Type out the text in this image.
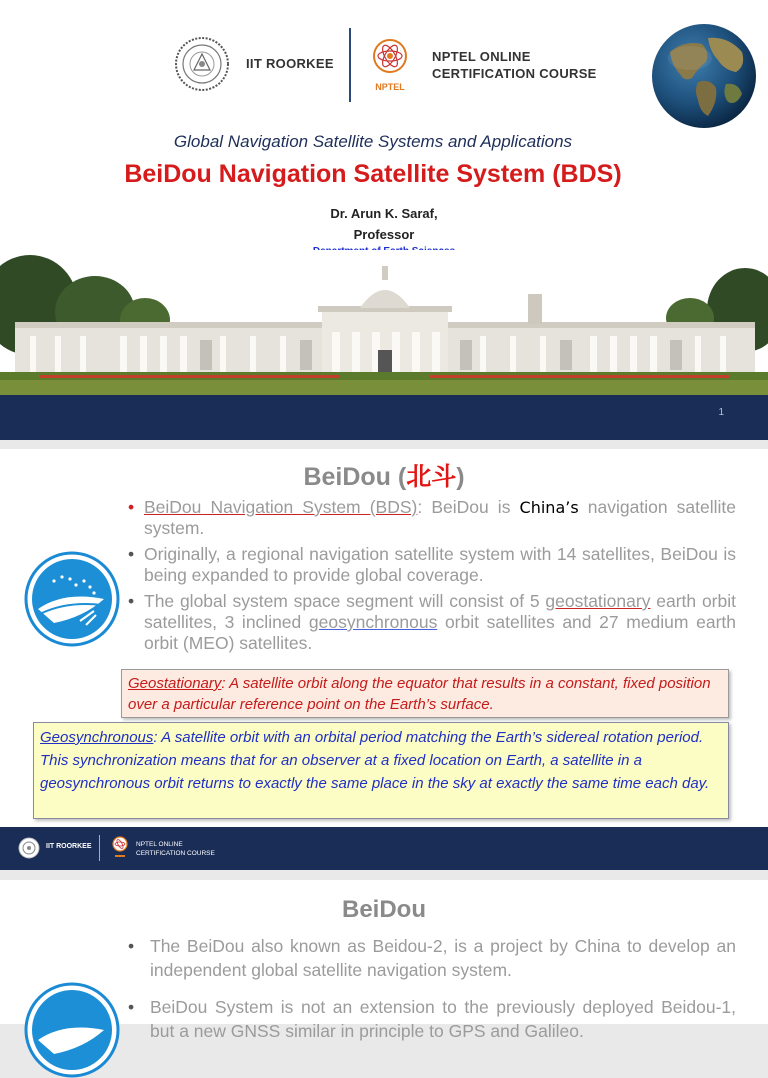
IIT ROORKEE
NPTEL
NPTEL ONLINE
CERTIFICATION COURSE
Global Navigation Satellite Systems and Applications
BeiDou Navigation Satellite System (BDS)
Dr. Arun K. Saraf,
Professor
1
BeiDou (北斗)
• BeiDou Navigation System (BDS): BeiDou is China’s navigation satellite system.
• Originally, a regional navigation satellite system with 14 satellites, BeiDou is being expanded to provide global coverage.
• The global system space segment will consist of 5 geostationary earth orbit satellites, 3 inclined geosynchronous orbit satellites and 27 medium earth orbit (MEO) satellites.
Geostationary: A satellite orbit along the equator that results in a constant, fixed position over a particular reference point on the Earth’s surface.
Geosynchronous: A satellite orbit with an orbital period matching the Earth’s sidereal rotation period. This synchronization means that for an observer at a fixed location on Earth, a satellite in a geosynchronous orbit returns to exactly the same place in the sky at exactly the same time each day.
IIT ROORKEE	NPTEL ONLINE
CERTIFICATION COURSE
BeiDou
• The BeiDou also known as Beidou-2, is a project by China to develop an independent global satellite navigation system.
• BeiDou System is not an extension to the previously deployed Beidou-1, but a new GNSS similar in principle to GPS and Galileo.
